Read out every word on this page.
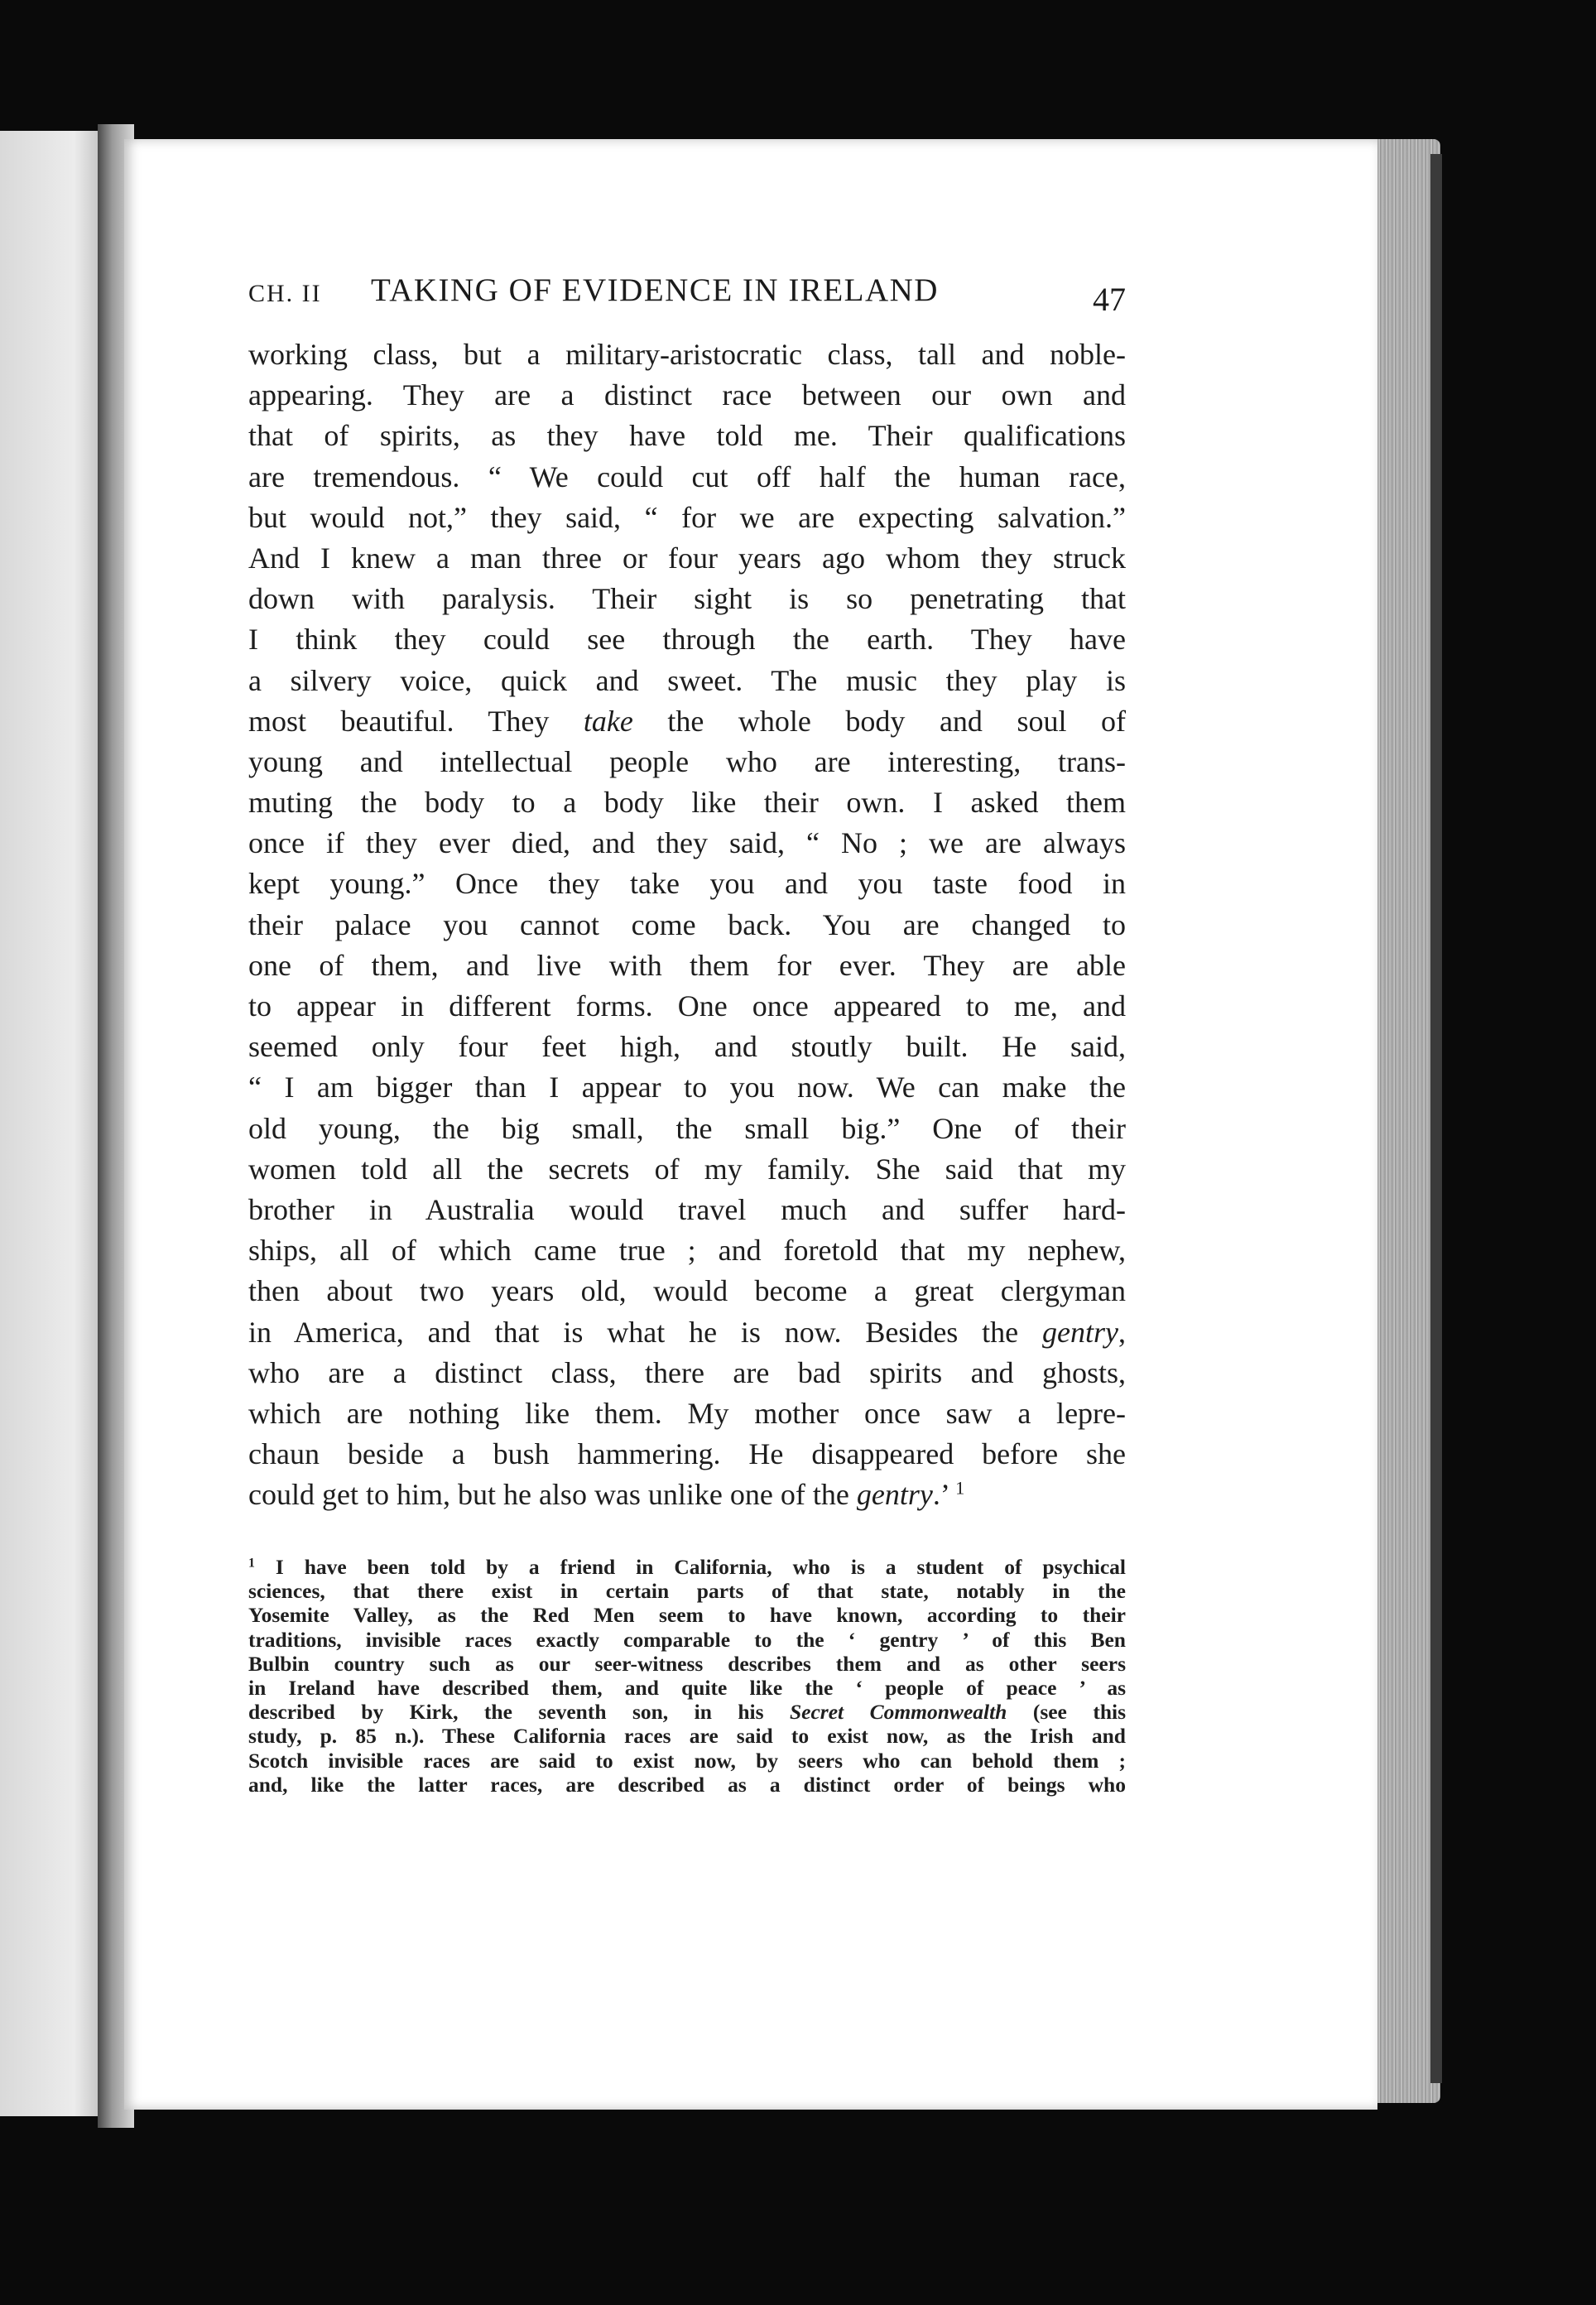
CH. II TAKING OF EVIDENCE IN IRELAND	47
working class, but a military-aristocratic class, tall and noble-
appearing. They are a distinct race between our own and
that of spirits, as they have told me. Their qualifications
are tremendous. “ We could cut off half the human race,
but would not,” they said, “ for we are expecting salvation.”
And I knew a man three or four years ago whom they struck
down with paralysis. Their sight is so penetrating that
I think they could see through the earth. They have
a silvery voice, quick and sweet. The music they play is
most beautiful. They take the whole body and soul of
young and intellectual people who are interesting, trans-
muting the body to a body like their own. I asked them
once if they ever died, and they said, “ No ; we are always
kept young.” Once they take you and you taste food in
their palace you cannot come back. You are changed to
one of them, and live with them for ever. They are able
to appear in different forms. One once appeared to me, and
seemed only four feet high, and stoutly built. He said,
“ I am bigger than I appear to you now. We can make the
old young, the big small, the small big.” One of their
women told all the secrets of my family. She said that my
brother in Australia would travel much and suffer hard-
ships, all of which came true ; and foretold that my nephew,
then about two years old, would become a great clergyman
in America, and that is what he is now. Besides the gentry,
who are a distinct class, there are bad spirits and ghosts,
which are nothing like them. My mother once saw a lepre-
chaun beside a bush hammering. He disappeared before she
could get to him, but he also was unlike one of the gentry.’ $^1$
$^1$ I have been told by a friend in California, who is a student of psychical
sciences, that there exist in certain parts of that state, notably in the
Yosemite Valley, as the Red Men seem to have known, according to their
traditions, invisible races exactly comparable to the ‘ gentry ’ of this Ben
Bulbin country such as our seer-witness describes them and as other seers
in Ireland have described them, and quite like the ‘ people of peace ’ as
described by Kirk, the seventh son, in his Secret Commonwealth (see this
study, p. 85 n.). These California races are said to exist now, as the Irish and
Scotch invisible races are said to exist now, by seers who can behold them ;
and, like the latter races, are described as a distinct order of beings who
